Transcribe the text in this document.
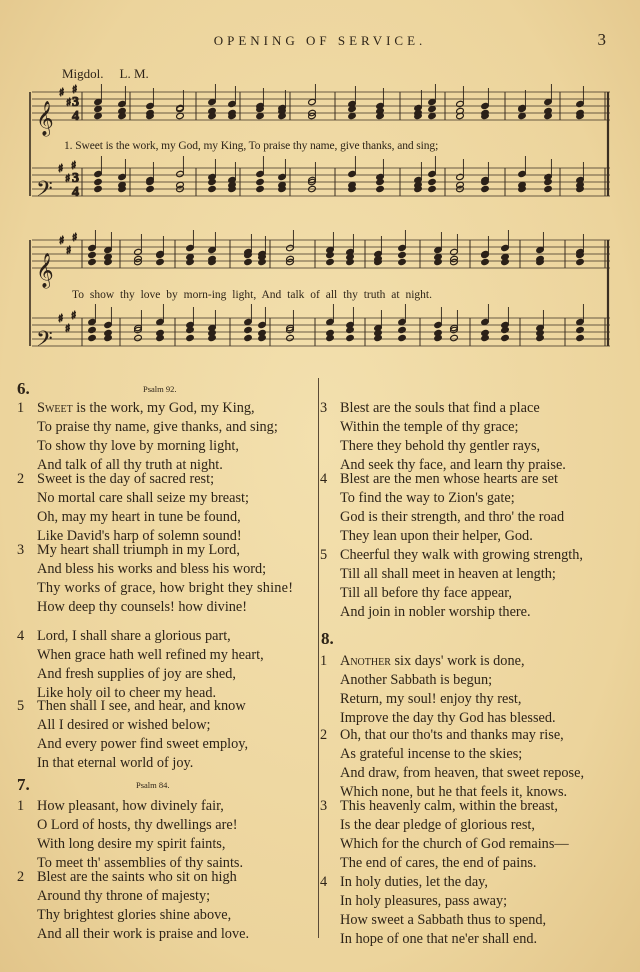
OPENING OF SERVICE.	3
Migdol. L. M.
3
4
3
4
♯
♯
♯
♯
♯
♯
♯
♯
♯
♯
♯
♯
𝄞
𝄢
𝄞
𝄢
1. Sweet is the work, my God, my King, To praise thy name, give thanks, and sing;
To show thy love by morn-ing light, And talk of all thy truth at night.
6.	Psalm 92.
7.	Psalm 84.
8.
1 Sweet is the work, my God, my King,
To praise thy name, give thanks, and sing;
To show thy love by morning light,
And talk of all thy truth at night.
2 Sweet is the day of sacred rest;
No mortal care shall seize my breast;
Oh, may my heart in tune be found,
Like David's harp of solemn sound!
3 My heart shall triumph in my Lord,
And bless his works and bless his word;
Thy works of grace, how bright they shine!
How deep thy counsels! how divine!
4 Lord, I shall share a glorious part,
When grace hath well refined my heart,
And fresh supplies of joy are shed,
Like holy oil to cheer my head.
5 Then shall I see, and hear, and know
All I desired or wished below;
And every power find sweet employ,
In that eternal world of joy.
3 Blest are the souls that find a place
Within the temple of thy grace;
There they behold thy gentler rays,
And seek thy face, and learn thy praise.
4 Blest are the men whose hearts are set
To find the way to Zion's gate;
God is their strength, and thro' the road
They lean upon their helper, God.
5 Cheerful they walk with growing strength,
Till all shall meet in heaven at length;
Till all before thy face appear,
And join in nobler worship there.
1 How pleasant, how divinely fair,
O Lord of hosts, thy dwellings are!
With long desire my spirit faints,
To meet th' assemblies of thy saints.
2 Blest are the saints who sit on high
Around thy throne of majesty;
Thy brightest glories shine above,
And all their work is praise and love.
1 Another six days' work is done,
Another Sabbath is begun;
Return, my soul! enjoy thy rest,
Improve the day thy God has blessed.
2 Oh, that our tho'ts and thanks may rise,
As grateful incense to the skies;
And draw, from heaven, that sweet repose,
Which none, but he that feels it, knows.
3 This heavenly calm, within the breast,
Is the dear pledge of glorious rest,
Which for the church of God remains—
The end of cares, the end of pains.
4 In holy duties, let the day,
In holy pleasures, pass away;
How sweet a Sabbath thus to spend,
In hope of one that ne'er shall end.
